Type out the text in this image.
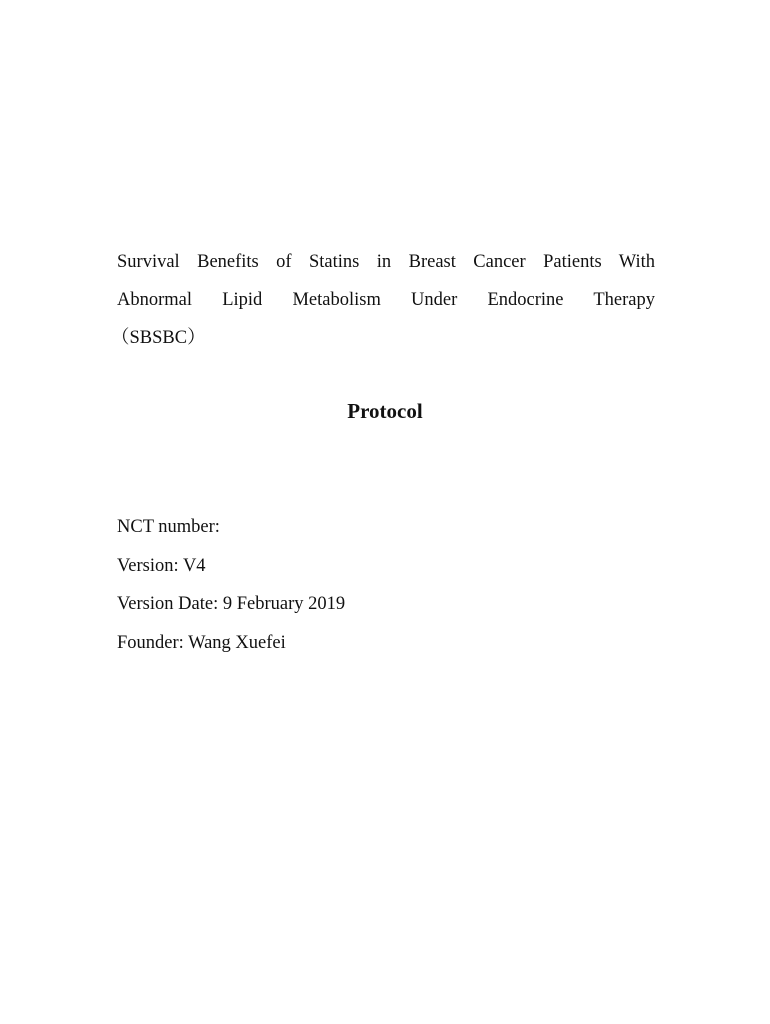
Survival Benefits of Statins in Breast Cancer Patients With
Abnormal Lipid Metabolism Under Endocrine Therapy
（SBSBC）
Protocol
NCT number:
Version: V4
Version Date: 9 February 2019
Founder: Wang Xuefei
